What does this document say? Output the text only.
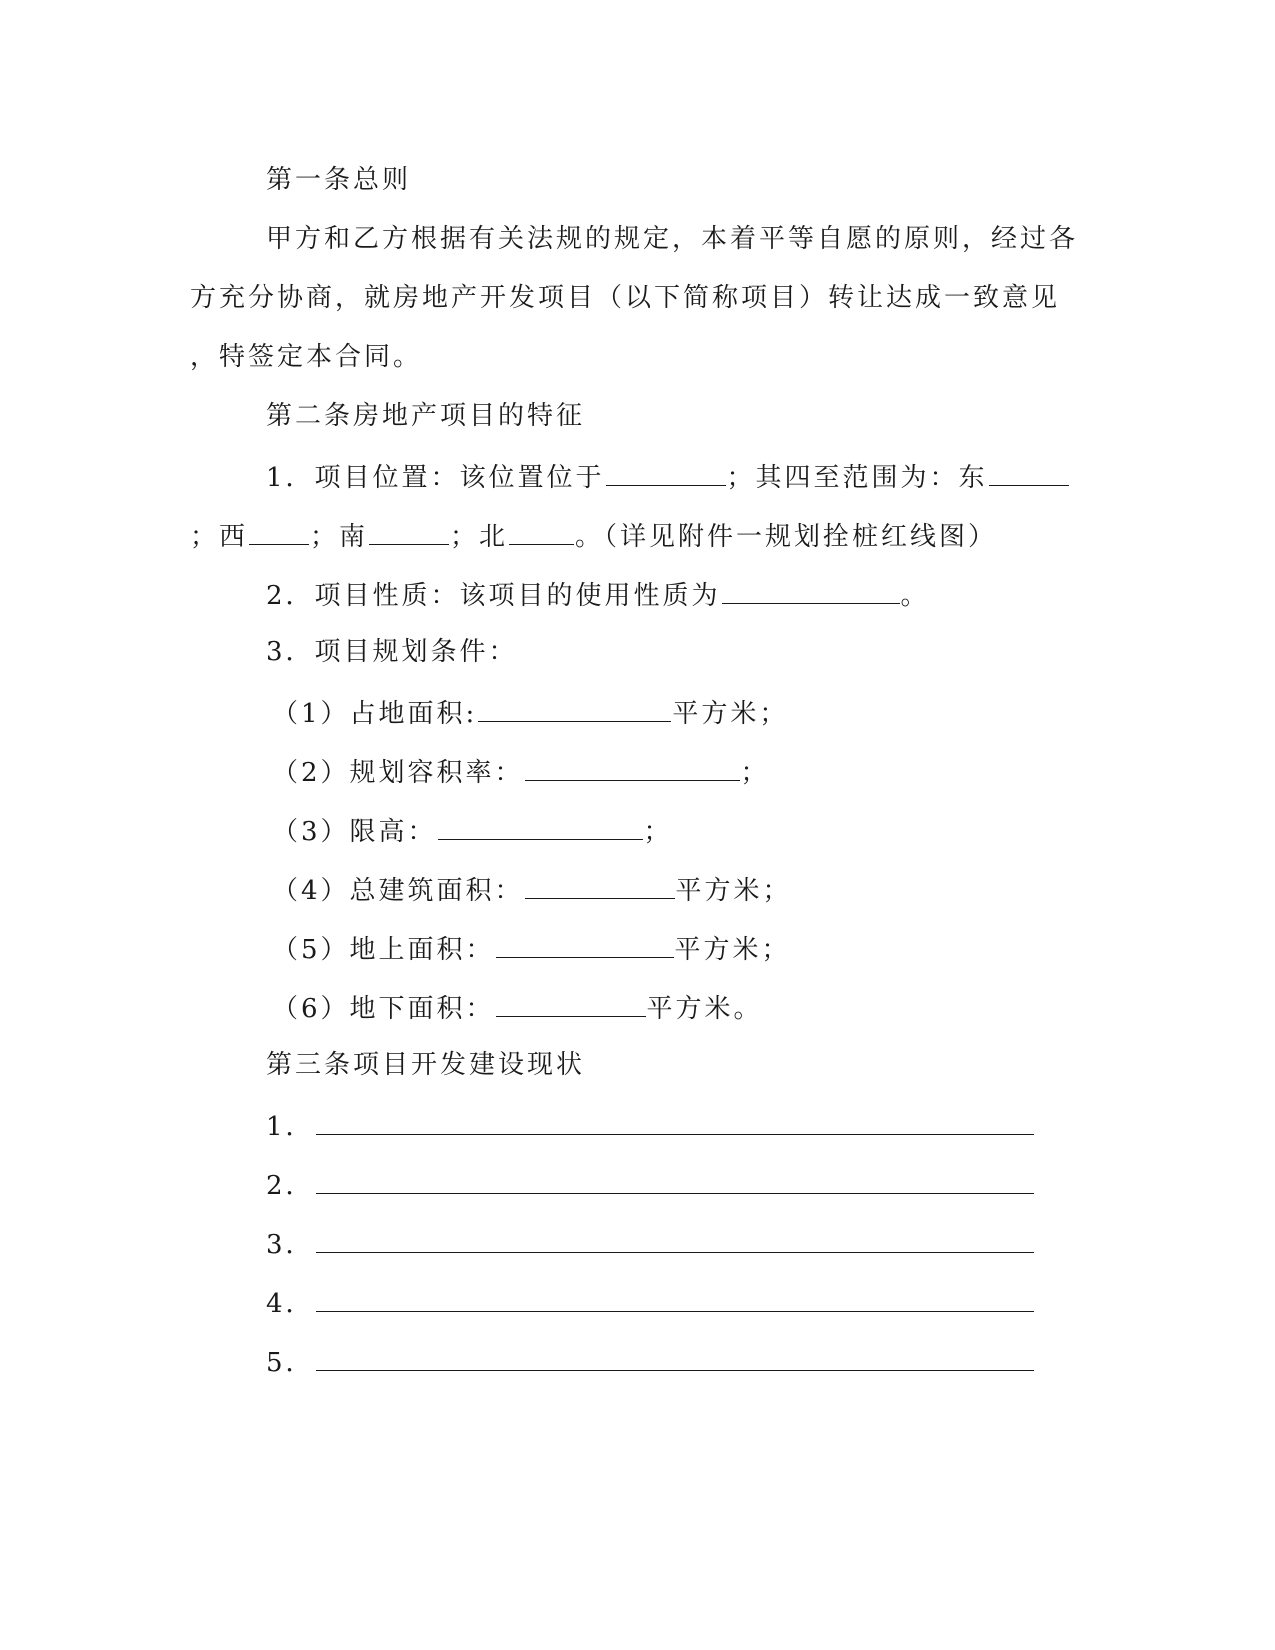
第一条总则
甲方和乙方根据有关法规的规定，本着平等自愿的原则，经过各
方充分协商，就房地产开发项目（以下简称项目）转让达成一致意见
，特签定本合同。
第二条房地产项目的特征
1．项目位置：该位置位于	；其四至范围为：东
；西 ；南	；北	。（详见附件一规划拴桩红线图）
2．项目性质：该项目的使用性质为	。
3．项目规划条件：
（1）占地面积:	平方米；
（2）规划容积率：	；
（3）限高：	；
（4）总建筑面积：	平方米；
（5）地上面积：	平方米；
（6）地下面积：	平方米。
第三条项目开发建设现状
1．
2．
3．
4．
5．
